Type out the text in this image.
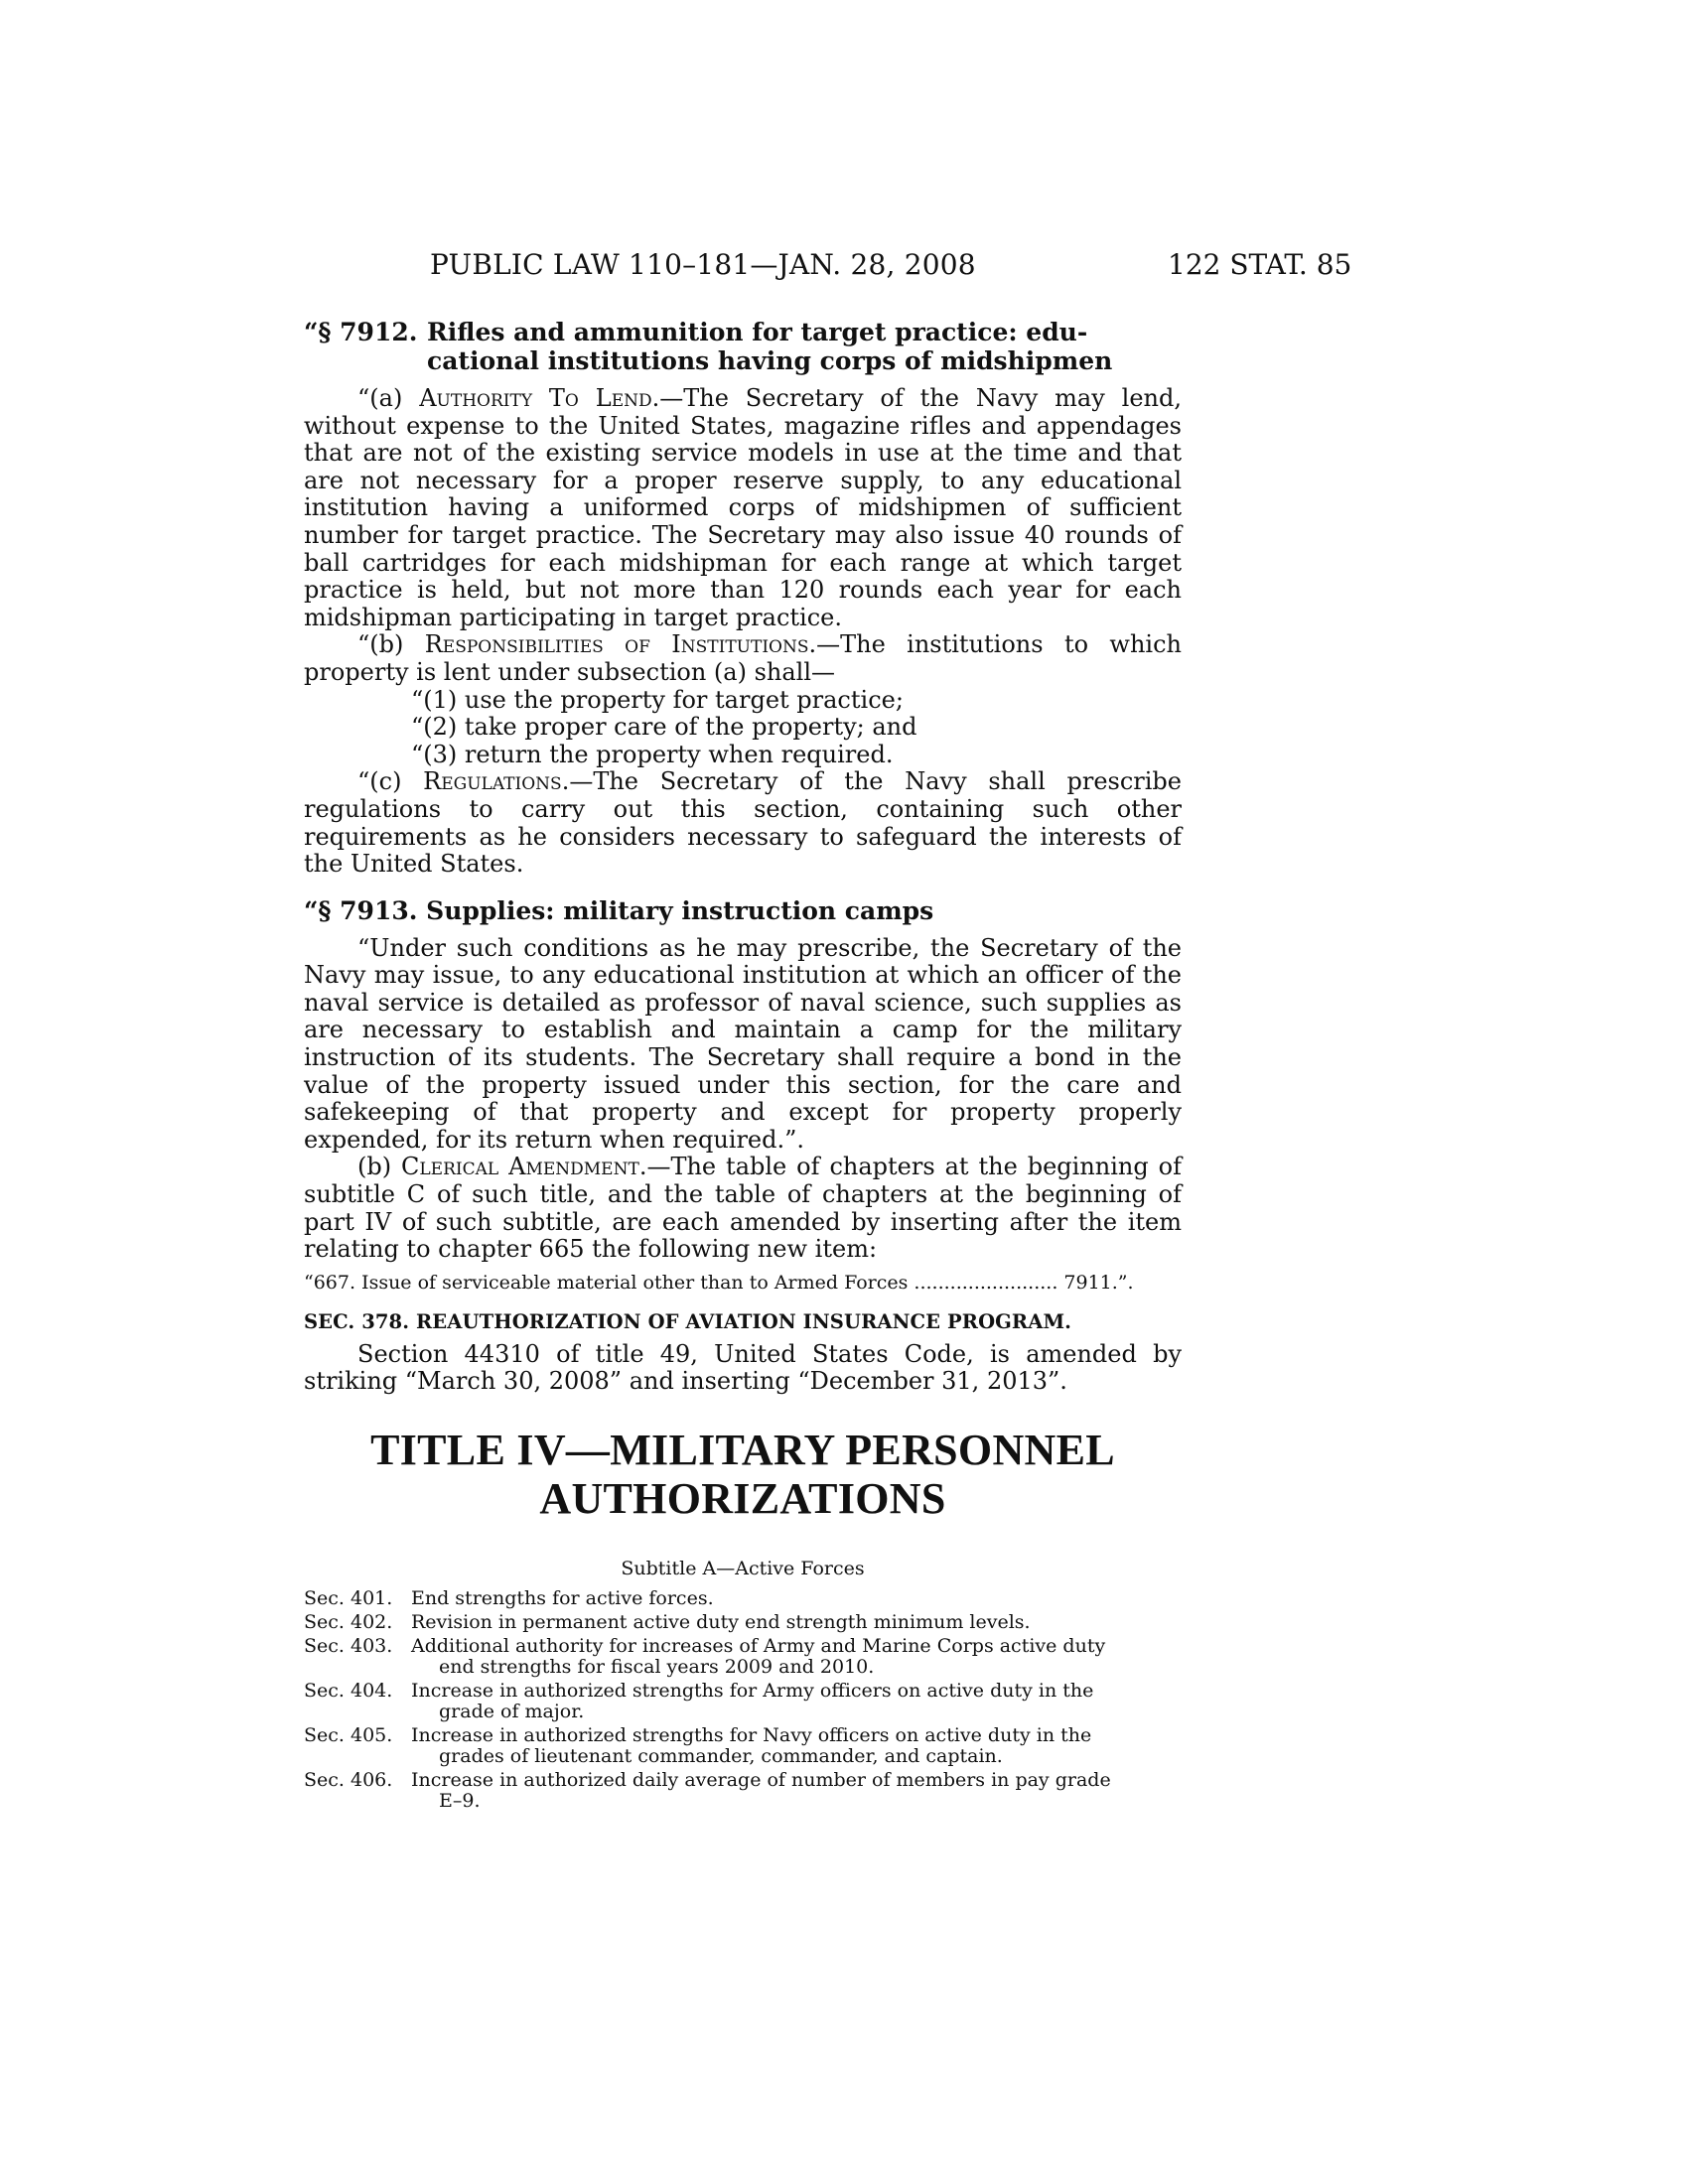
PUBLIC LAW 110–181—JAN. 28, 2008	122 STAT. 85
“§ 7912. Rifles and ammunition for target practice: edu-
cational institutions having corps of midshipmen

“(a) Authority To Lend.—The Secretary of the Navy may lend, without expense to the United States, magazine rifles and appendages that are not of the existing service models in use at the time and that are not necessary for a proper reserve supply, to any educational institution having a uniformed corps of midshipmen of sufficient number for target practice. The Secretary may also issue 40 rounds of ball cartridges for each midshipman for each range at which target practice is held, but not more than 120 rounds each year for each midshipman participating in target practice.

“(b) Responsibilities of Institutions.—The institutions to which property is lent under subsection (a) shall—

“(1) use the property for target practice;

“(2) take proper care of the property; and

“(3) return the property when required.

“(c) Regulations.—The Secretary of the Navy shall prescribe regulations to carry out this section, containing such other requirements as he considers necessary to safeguard the interests of the United States.

“§ 7913. Supplies: military instruction camps

“Under such conditions as he may prescribe, the Secretary of the Navy may issue, to any educational institution at which an officer of the naval service is detailed as professor of naval science, such supplies as are necessary to establish and maintain a camp for the military instruction of its students. The Secretary shall require a bond in the value of the property issued under this section, for the care and safekeeping of that property and except for property properly expended, for its return when required.”.

(b) Clerical Amendment.—The table of chapters at the beginning of subtitle C of such title, and the table of chapters at the beginning of part IV of such subtitle, are each amended by inserting after the item relating to chapter 665 the following new item:

“667. Issue of serviceable material other than to Armed Forces ........................ 7911.”.

SEC. 378. REAUTHORIZATION OF AVIATION INSURANCE PROGRAM.

Section 44310 of title 49, United States Code, is amended by striking “March 30, 2008” and inserting “December 31, 2013”.

TITLE IV—MILITARY PERSONNEL
AUTHORIZATIONS
Subtitle A—Active Forces
Sec. 401. End strengths for active forces.
Sec. 402. Revision in permanent active duty end strength minimum levels.
Sec. 403. Additional authority for increases of Army and Marine Corps active duty
end strengths for fiscal years 2009 and 2010.
Sec. 404. Increase in authorized strengths for Army officers on active duty in the
grade of major.
Sec. 405. Increase in authorized strengths for Navy officers on active duty in the
grades of lieutenant commander, commander, and captain.
Sec. 406. Increase in authorized daily average of number of members in pay grade
E–9.
